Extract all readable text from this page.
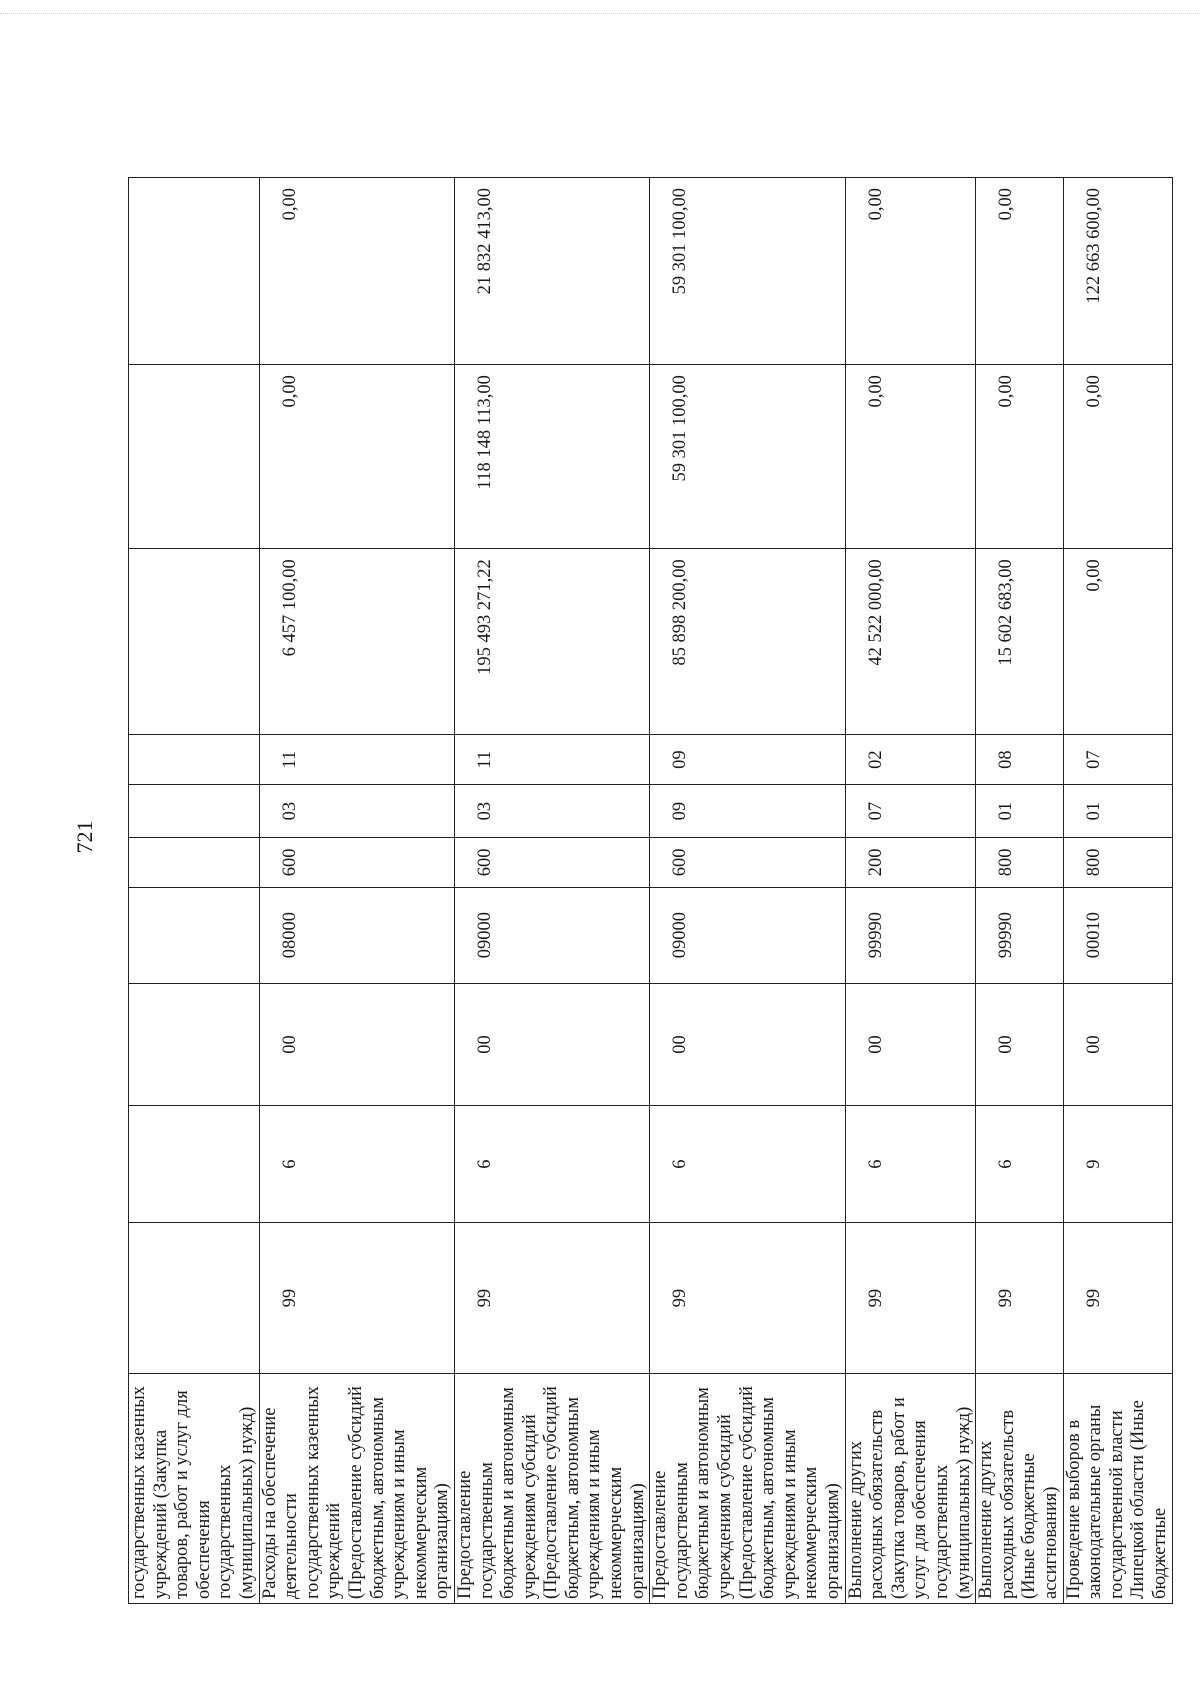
721
государственных казенных учреждений (Закупка товаров, работ и услуг для обеспечения государственных (муниципальных) нужд)	

Расходы на обеспечение деятельности государственных казенных учреждений (Предоставление субсидий бюджетным, автономным учреждениям и иным некоммерческим организациям)	99	6	00	08000	600	03	11	6 457 100,00	0,00	0,00

Предоставление государственным бюджетным и автономным учреждениям субсидий (Предоставление субсидий бюджетным, автономным учреждениям и иным некоммерческим организациям)	99	6	00	09000	600	03	11	195 493 271,22	118 148 113,00	21 832 413,00

Предоставление государственным бюджетным и автономным учреждениям субсидий (Предоставление субсидий бюджетным, автономным учреждениям и иным некоммерческим организациям)	99	6	00	09000	600	09	09	85 898 200,00	59 301 100,00	59 301 100,00

Выполнение других расходных обязательств (Закупка товаров, работ и услуг для обеспечения государственных (муниципальных) нужд)	99	6	00	99990	200	07	02	42 522 000,00	0,00	0,00

Выполнение других расходных обязательств (Иные бюджетные ассигнования)	99	6	00	99990	800	01	08	15 602 683,00	0,00	0,00

Проведение выборов в законодательные органы государственной власти Липецкой области (Иные бюджетные	99	9	00	00010	800	01	07	0,00	0,00	122 663 600,00
